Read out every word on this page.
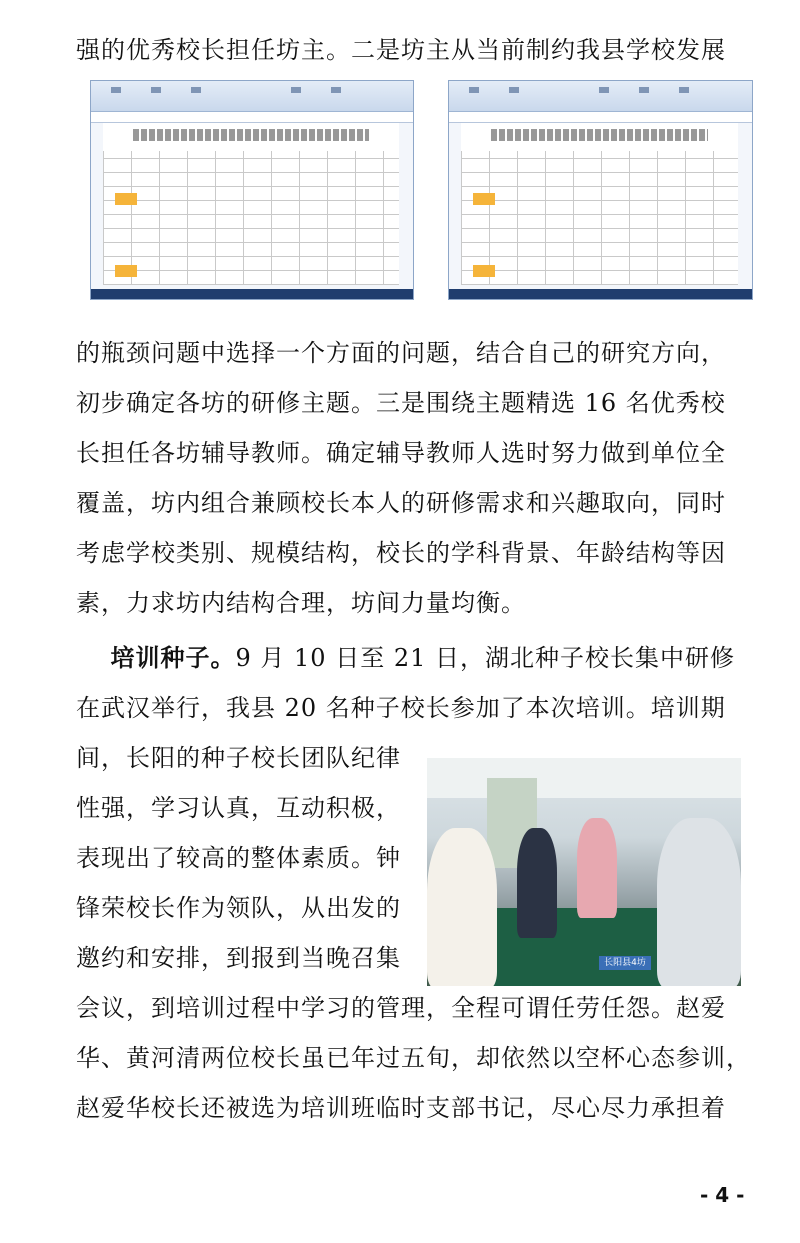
强的优秀校长担任坊主。二是坊主从当前制约我县学校发展

的瓶颈问题中选择一个方面的问题，结合自己的研究方向，
初步确定各坊的研修主题。三是围绕主题精选 16 名优秀校
长担任各坊辅导教师。确定辅导教师人选时努力做到单位全
覆盖，坊内组合兼顾校长本人的研修需求和兴趣取向，同时
考虑学校类别、规模结构，校长的学科背景、年龄结构等因
素，力求坊内结构合理，坊间力量均衡。

培训种子。9 月 10 日至 21 日，湖北种子校长集中研修
在武汉举行，我县 20 名种子校长参加了本次培训。培训期
间，长阳的种子校长团队纪律
性强，学习认真，互动积极，
表现出了较高的整体素质。钟
锋荣校长作为领队，从出发的
邀约和安排，到报到当晚召集
会议，到培训过程中学习的管理，全程可谓任劳任怨。赵爱
华、黄河清两位校长虽已年过五旬，却依然以空杯心态参训，
赵爱华校长还被选为培训班临时支部书记，尽心尽力承担着

长阳县4坊
- 4 -
